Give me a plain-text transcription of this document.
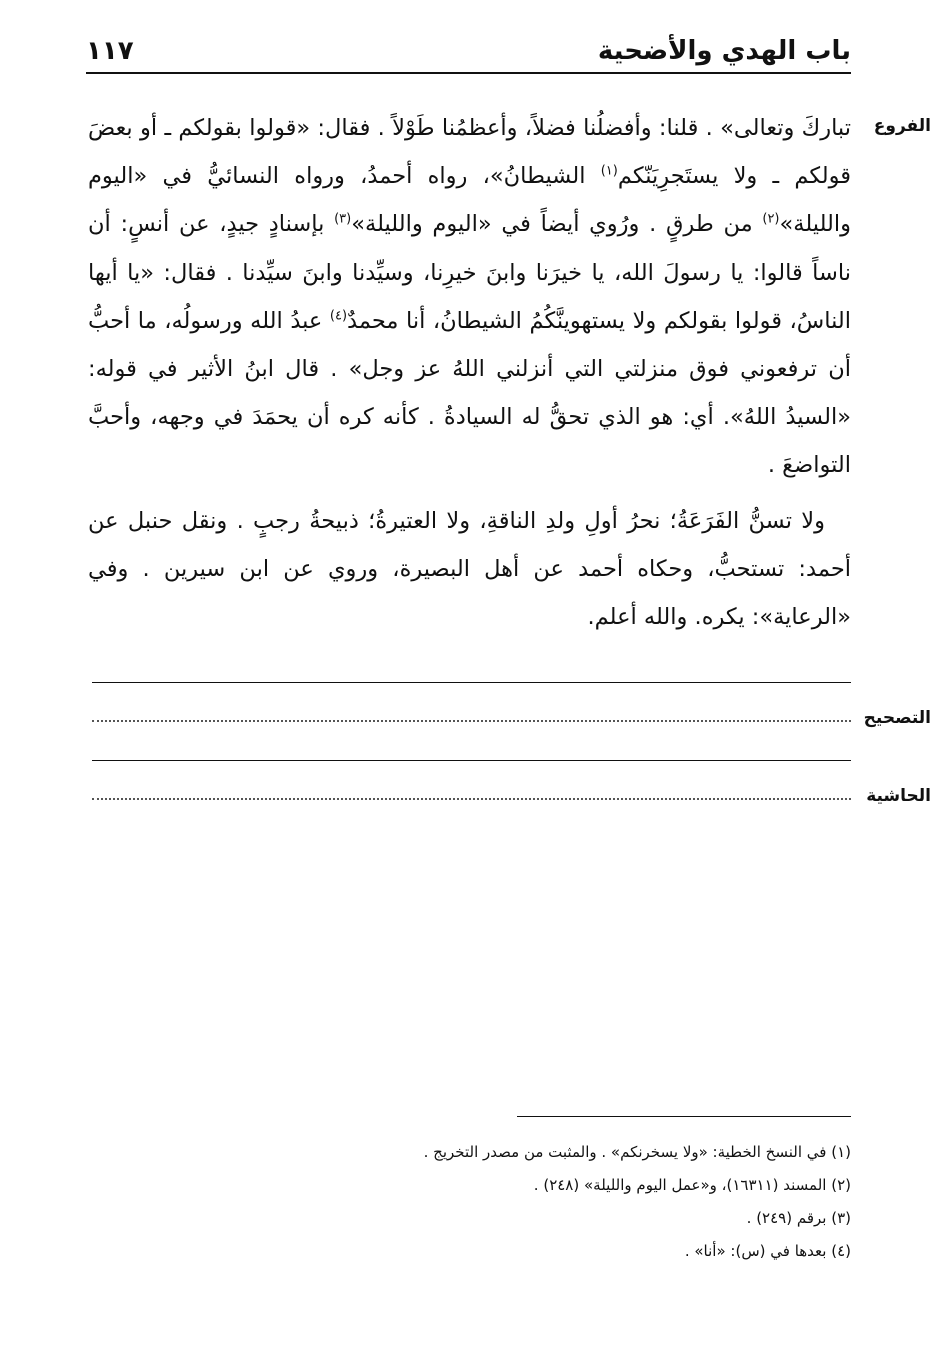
باب الهدي والأضحية
١١٧
الفروع

تباركَ وتعالى» . قلنا: وأفضلُنا فضلاً، وأعظمُنا طَوْلاً . فقال: «قولوا بقولكم ـ أو بعضَ قولكم ـ ولا يستَجرِيَنّكم$^{(١)}$ الشيطانُ»، رواه أحمدُ، ورواه النسائيُّ في «اليوم والليلة»$^{(٢)}$ من طرقٍ . ورُوي أيضاً في «اليوم والليلة»$^{(٣)}$ بإسنادٍ جيدٍ، عن أنسٍ: أن ناساً قالوا: يا رسولَ الله، يا خيرَنا وابنَ خيرِنا، وسيِّدنا وابنَ سيِّدنا . فقال: «يا أيها الناسُ، قولوا بقولكم ولا يستهوينَّكُمُ الشيطانُ، أنا محمدٌ$^{(٤)}$ عبدُ الله ورسولُه، ما أحبُّ أن ترفعوني فوق منزلتي التي أنزلني اللهُ عز وجل» . قال ابنُ الأثير في قوله: «السيدُ اللهُ». أي: هو الذي تحقُّ له السيادةُ . كأنه كره أن يحمَدَ في وجهه، وأحبَّ التواضعَ .

ولا تسنُّ الفَرَعَةُ؛ نحرُ أولِ ولدِ الناقةِ، ولا العتيرةُ؛ ذبيحةُ رجبٍ . ونقل حنبل عن أحمد: تستحبُّ، وحكاه أحمد عن أهل البصيرة، وروي عن ابن سيرين . وفي «الرعاية»: يكره. والله أعلم.

التصحيح
الحاشية
(١) في النسخ الخطية: «ولا يسخرنكم» . والمثبت من مصدر التخريج .
(٢) المسند (١٦٣١١)، و«عمل اليوم والليلة» (٢٤٨) .
(٣) برقم (٢٤٩) .
(٤) بعدها في (س): «أنا» .
